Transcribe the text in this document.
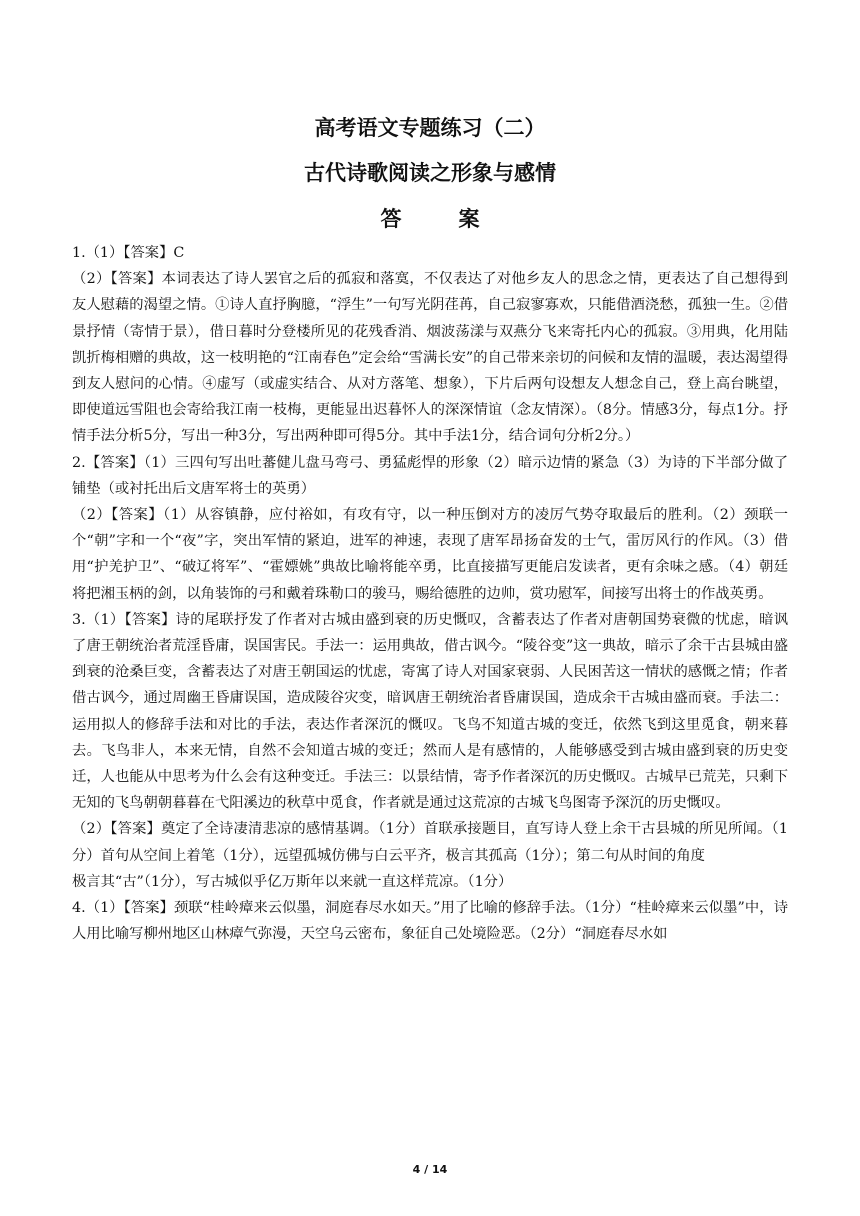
高考语文专题练习（二）
古代诗歌阅读之形象与感情
答　案

1.（1）【答案】C

（2）【答案】本词表达了诗人罢官之后的孤寂和落寞，不仅表达了对他乡友人的思念之情，更表达了自己想得到友人慰藉的渴望之情。①诗人直抒胸臆，“浮生”一句写光阴荏苒，自己寂寥寡欢，只能借酒浇愁，孤独一生。②借景抒情（寄情于景），借日暮时分登楼所见的花残香消、烟波荡漾与双燕分飞来寄托内心的孤寂。③用典，化用陆凯折梅相赠的典故，这一枝明艳的“江南春色”定会给“雪满长安”的自己带来亲切的问候和友情的温暖，表达渴望得到友人慰问的心情。④虚写（或虚实结合、从对方落笔、想象），下片后两句设想友人想念自己，登上高台眺望，即使道远雪阻也会寄给我江南一枝梅，更能显出迟暮怀人的深深情谊（念友情深）。（8分。情感3分，每点1分。抒情手法分析5分，写出一种3分，写出两种即可得5分。其中手法1分，结合词句分析2分。）

2.【答案】（1）三四句写出吐蕃健儿盘马弯弓、勇猛彪悍的形象（2）暗示边情的紧急（3）为诗的下半部分做了铺垫（或衬托出后文唐军将士的英勇）

（2）【答案】（1）从容镇静，应付裕如，有攻有守，以一种压倒对方的凌厉气势夺取最后的胜利。（2）颈联一个“朝”字和一个“夜”字，突出军情的紧迫，进军的神速，表现了唐军昂扬奋发的士气，雷厉风行的作风。（3）借用“护羌护卫”、“破辽将军”、“霍嫖姚”典故比喻将能卒勇，比直接描写更能启发读者，更有余味之感。（4）朝廷将把湘玉柄的剑，以角装饰的弓和戴着珠勒口的骏马，赐给德胜的边帅，赏功慰军，间接写出将士的作战英勇。

3.（1）【答案】诗的尾联抒发了作者对古城由盛到衰的历史慨叹，含蓄表达了作者对唐朝国势衰微的忧虑，暗讽了唐王朝统治者荒淫昏庸，误国害民。手法一：运用典故，借古讽今。“陵谷变”这一典故，暗示了余干古县城由盛到衰的沧桑巨变，含蓄表达了对唐王朝国运的忧虑，寄寓了诗人对国家衰弱、人民困苦这一情状的感慨之情；作者借古讽今，通过周幽王昏庸误国，造成陵谷灾变，暗讽唐王朝统治者昏庸误国，造成余干古城由盛而衰。手法二：运用拟人的修辞手法和对比的手法，表达作者深沉的慨叹。飞鸟不知道古城的变迁，依然飞到这里觅食，朝来暮去。飞鸟非人，本来无情，自然不会知道古城的变迁；然而人是有感情的，人能够感受到古城由盛到衰的历史变迁，人也能从中思考为什么会有这种变迁。手法三：以景结情，寄予作者深沉的历史慨叹。古城早已荒芜，只剩下无知的飞鸟朝朝暮暮在弋阳溪边的秋草中觅食，作者就是通过这荒凉的古城飞鸟图寄予深沉的历史慨叹。

（2）【答案】奠定了全诗凄清悲凉的感情基调。（1分）首联承接题目，直写诗人登上余干古县城的所见所闻。（1分）首句从空间上着笔（1分），远望孤城仿佛与白云平齐，极言其孤高（1分）；第二句从时间的角度

极言其“古”（1分），写古城似乎亿万斯年以来就一直这样荒凉。（1分）

4.（1）【答案】颈联“桂岭瘴来云似墨，洞庭春尽水如天。”用了比喻的修辞手法。（1分）“桂岭瘴来云似墨”中，诗人用比喻写柳州地区山林瘴气弥漫，天空乌云密布，象征自己处境险恶。（2分）“洞庭春尽水如

4 / 14
